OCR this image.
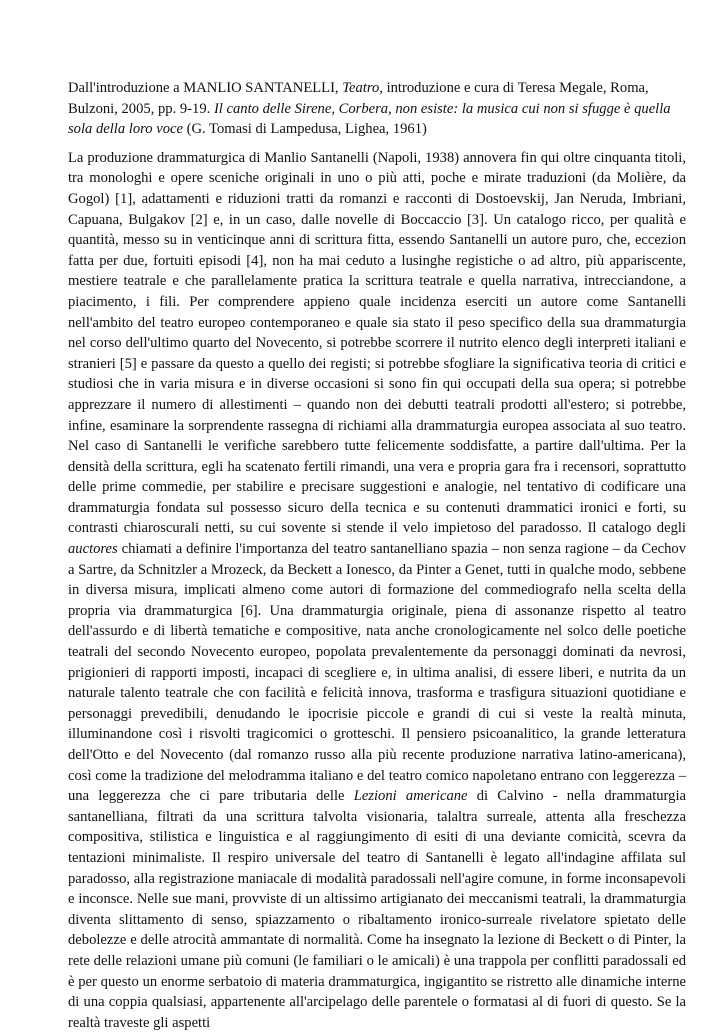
Dall'introduzione a MANLIO SANTANELLI, Teatro, introduzione e cura di Teresa Megale, Roma, Bulzoni, 2005, pp. 9-19. Il canto delle Sirene, Corbera, non esiste: la musica cui non si sfugge è quella sola della loro voce (G. Tomasi di Lampedusa, Lighea, 1961)

La produzione drammaturgica di Manlio Santanelli (Napoli, 1938) annovera fin qui oltre cinquanta titoli, tra monologhi e opere sceniche originali in uno o più atti, poche e mirate traduzioni (da Molière, da Gogol) [1], adattamenti e riduzioni tratti da romanzi e racconti di Dostoevskij, Jan Neruda, Imbriani, Capuana, Bulgakov [2] e, in un caso, dalle novelle di Boccaccio [3]. Un catalogo ricco, per qualità e quantità, messo su in venticinque anni di scrittura fitta, essendo Santanelli un autore puro, che, eccezion fatta per due, fortuiti episodi [4], non ha mai ceduto a lusinghe registiche o ad altro, più appariscente, mestiere teatrale e che parallelamente pratica la scrittura teatrale e quella narrativa, intrecciandone, a piacimento, i fili. Per comprendere appieno quale incidenza eserciti un autore come Santanelli nell'ambito del teatro europeo contemporaneo e quale sia stato il peso specifico della sua drammaturgia nel corso dell'ultimo quarto del Novecento, si potrebbe scorrere il nutrito elenco degli interpreti italiani e stranieri [5] e passare da questo a quello dei registi; si potrebbe sfogliare la significativa teoria di critici e studiosi che in varia misura e in diverse occasioni si sono fin qui occupati della sua opera; si potrebbe apprezzare il numero di allestimenti – quando non dei debutti teatrali prodotti all'estero; si potrebbe, infine, esaminare la sorprendente rassegna di richiami alla drammaturgia europea associata al suo teatro. Nel caso di Santanelli le verifiche sarebbero tutte felicemente soddisfatte, a partire dall'ultima. Per la densità della scrittura, egli ha scatenato fertili rimandi, una vera e propria gara fra i recensori, soprattutto delle prime commedie, per stabilire e precisare suggestioni e analogie, nel tentativo di codificare una drammaturgia fondata sul possesso sicuro della tecnica e su contenuti drammatici ironici e forti, su contrasti chiaroscurali netti, su cui sovente si stende il velo impietoso del paradosso. Il catalogo degli auctores chiamati a definire l'importanza del teatro santanelliano spazia – non senza ragione – da Cechov a Sartre, da Schnitzler a Mrozeck, da Beckett a Ionesco, da Pinter a Genet, tutti in qualche modo, sebbene in diversa misura, implicati almeno come autori di formazione del commediografo nella scelta della propria via drammaturgica [6]. Una drammaturgia originale, piena di assonanze rispetto al teatro dell'assurdo e di libertà tematiche e compositive, nata anche cronologicamente nel solco delle poetiche teatrali del secondo Novecento europeo, popolata prevalentemente da personaggi dominati da nevrosi, prigionieri di rapporti imposti, incapaci di scegliere e, in ultima analisi, di essere liberi, e nutrita da un naturale talento teatrale che con facilità e felicità innova, trasforma e trasfigura situazioni quotidiane e personaggi prevedibili, denudando le ipocrisie piccole e grandi di cui si veste la realtà minuta, illuminandone così i risvolti tragicomici o grotteschi. Il pensiero psicoanalitico, la grande letteratura dell'Otto e del Novecento (dal romanzo russo alla più recente produzione narrativa latino-americana), così come la tradizione del melodramma italiano e del teatro comico napoletano entrano con leggerezza – una leggerezza che ci pare tributaria delle Lezioni americane di Calvino - nella drammaturgia santanelliana, filtrati da una scrittura talvolta visionaria, talaltra surreale, attenta alla freschezza compositiva, stilistica e linguistica e al raggiungimento di esiti di una deviante comicità, scevra da tentazioni minimaliste. Il respiro universale del teatro di Santanelli è legato all'indagine affilata sul paradosso, alla registrazione maniacale di modalità paradossali nell'agire comune, in forme inconsapevoli e inconsce. Nelle sue mani, provviste di un altissimo artigianato dei meccanismi teatrali, la drammaturgia diventa slittamento di senso, spiazzamento o ribaltamento ironico-surreale rivelatore spietato delle debolezze e delle atrocità ammantate di normalità. Come ha insegnato la lezione di Beckett o di Pinter, la rete delle relazioni umane più comuni (le familiari o le amicali) è una trappola per conflitti paradossali ed è per questo un enorme serbatoio di materia drammaturgica, ingigantito se ristretto alle dinamiche interne di una coppia qualsiasi, appartenente all'arcipelago delle parentele o formatasi al di fuori di questo. Se la realtà traveste gli aspetti
